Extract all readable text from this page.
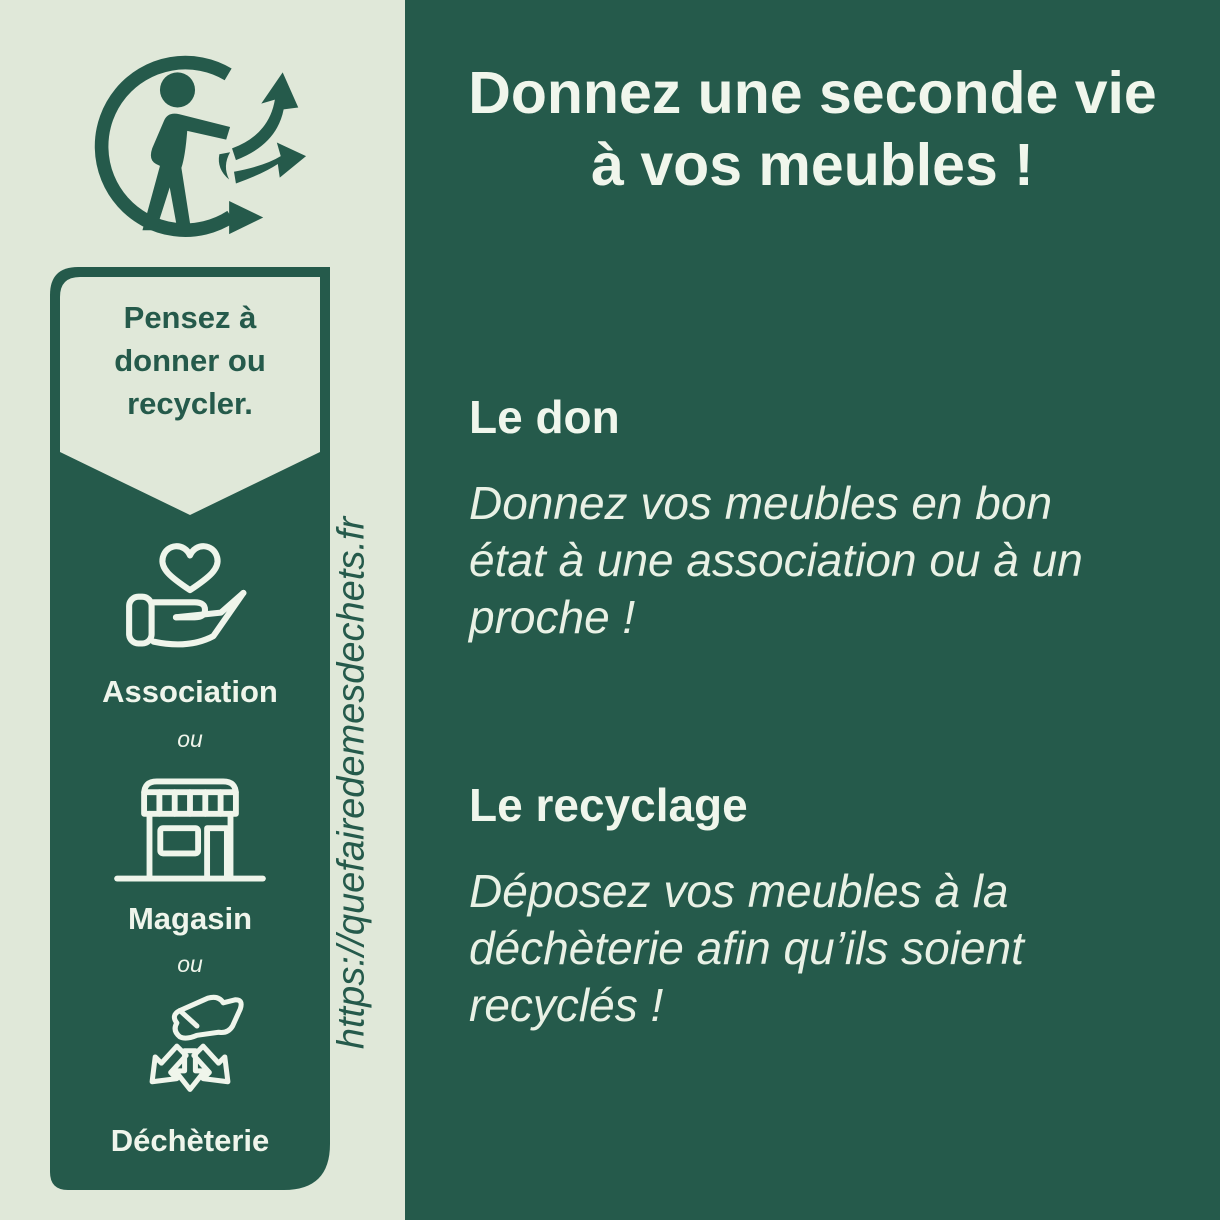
Pensez à
donner ou
recycler.
Association
ou
Magasin
ou
Déchèterie
https://quefairedemesdechets.fr
Donnez une seconde vie
à vos meubles !
Le don
Donnez vos meubles en bon
état à une association ou à un
proche !
Le recyclage
Déposez vos meubles à la
déchèterie afin qu’ils soient
recyclés !
